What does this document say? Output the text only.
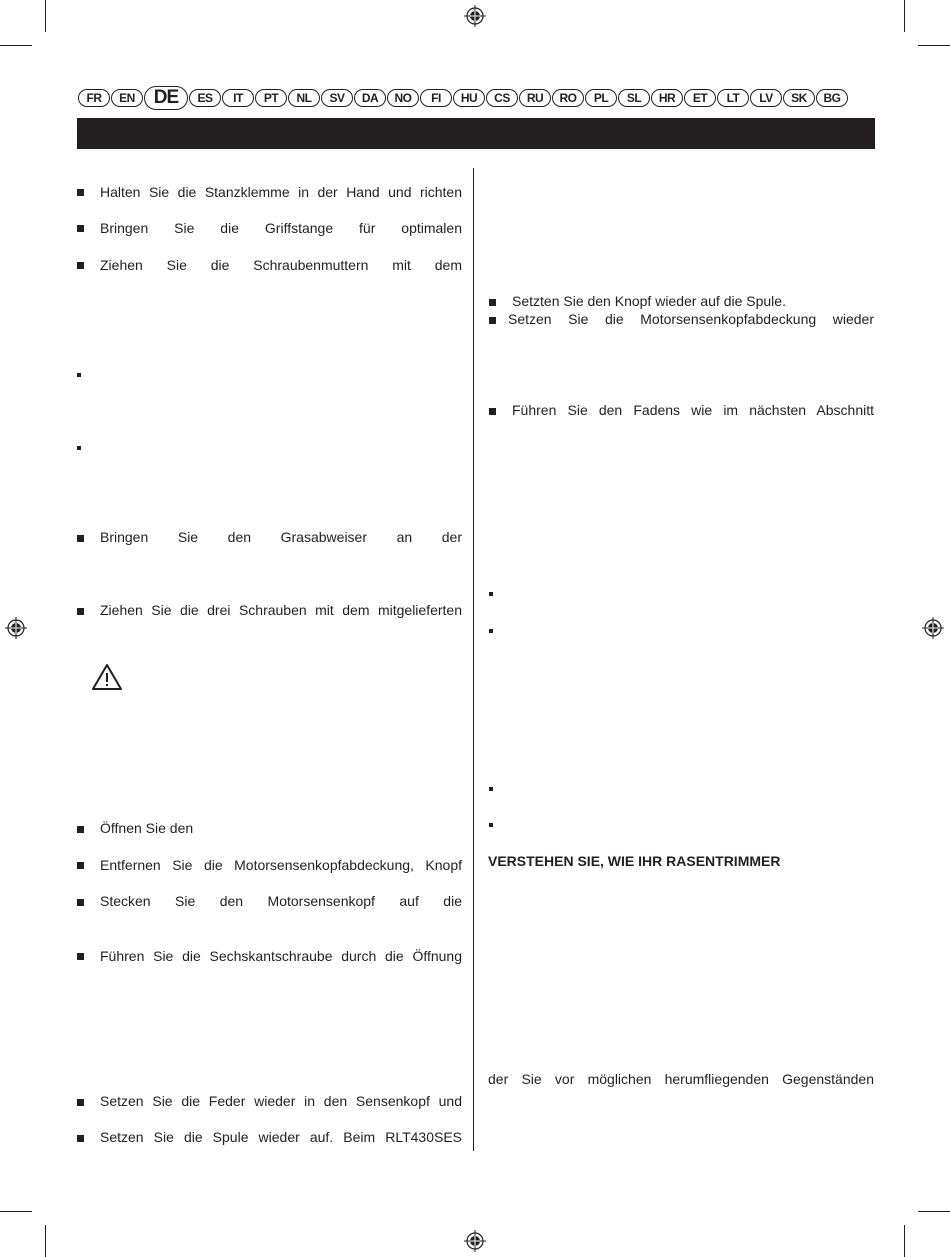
FR	EN DE	ES	IT	PT	NL	SV	DA	NO	FI	HU	CS	RU	RO	PL	SL	HR	ET	LT	LV	SK	BG
Halten Sie die Stanzklemme in der Hand und richten
Bringen Sie die Griffstange für optimalen
Ziehen Sie die Schraubenmuttern mit dem
Bringen Sie den Grasabweiser an der
Ziehen Sie die drei Schrauben mit dem mitgelieferten
Öffnen Sie den
Entfernen Sie die Motorsensenkopfabdeckung, Knopf
Stecken Sie den Motorsensenkopf auf die
Führen Sie die Sechskantschraube durch die Öffnung
Setzen Sie die Feder wieder in den Sensenkopf und
Setzen Sie die Spule wieder auf. Beim RLT430SES
Setzten Sie den Knopf wieder auf die Spule.
Setzen Sie die Motorsensenkopfabdeckung wieder
Führen Sie den Fadens wie im nächsten Abschnitt
VERSTEHEN SIE, WIE IHR RASENTRIMMER
der Sie vor möglichen herumfliegenden Gegenständen
